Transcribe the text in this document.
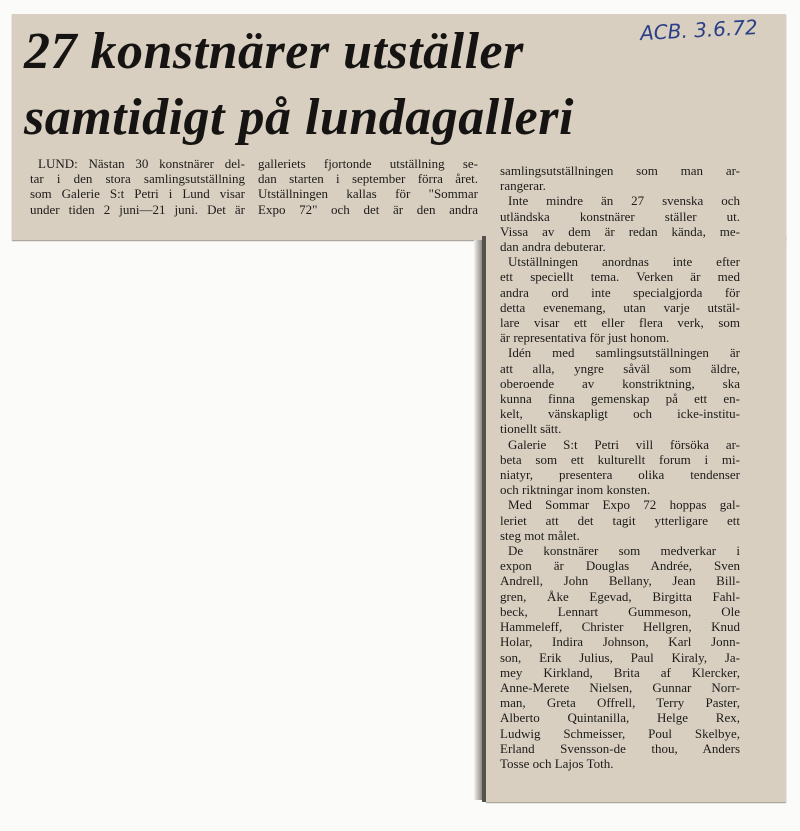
27 konstnärer utställer
samtidigt på lundagalleri
ACB. 3.6.72
LUND: Nästan 30 konstnärer del-
tar i den stora samlingsutställning
som Galerie S:t Petri i Lund visar
under tiden 2 juni—21 juni. Det är
galleriets fjortonde utställning se-
dan starten i september förra året.
Utställningen kallas för "Sommar
Expo 72" och det är den andra
samlingsutställningen som man ar-
rangerar.
Inte mindre än 27 svenska och
utländska konstnärer ställer ut.
Vissa av dem är redan kända, me-
dan andra debuterar.
Utställningen anordnas inte efter
ett speciellt tema. Verken är med
andra ord inte specialgjorda för
detta evenemang, utan varje utstäl-
lare visar ett eller flera verk, som
är representativa för just honom.
Idén med samlingsutställningen är
att alla, yngre såväl som äldre,
oberoende av konstriktning, ska
kunna finna gemenskap på ett en-
kelt, vänskapligt och icke-institu-
tionellt sätt.
Galerie S:t Petri vill försöka ar-
beta som ett kulturellt forum i mi-
niatyr, presentera olika tendenser
och riktningar inom konsten.
Med Sommar Expo 72 hoppas gal-
leriet att det tagit ytterligare ett
steg mot målet.
De konstnärer som medverkar i
expon är Douglas Andrée, Sven
Andrell, John Bellany, Jean Bill-
gren, Åke Egevad, Birgitta Fahl-
beck, Lennart Gummeson, Ole
Hammeleff, Christer Hellgren, Knud
Holar, Indira Johnson, Karl Jonn-
son, Erik Julius, Paul Kiraly, Ja-
mey Kirkland, Brita af Klercker,
Anne-Merete Nielsen, Gunnar Norr-
man, Greta Offrell, Terry Paster,
Alberto Quintanilla, Helge Rex,
Ludwig Schmeisser, Poul Skelbye,
Erland Svensson-de thou, Anders
Tosse och Lajos Toth.
